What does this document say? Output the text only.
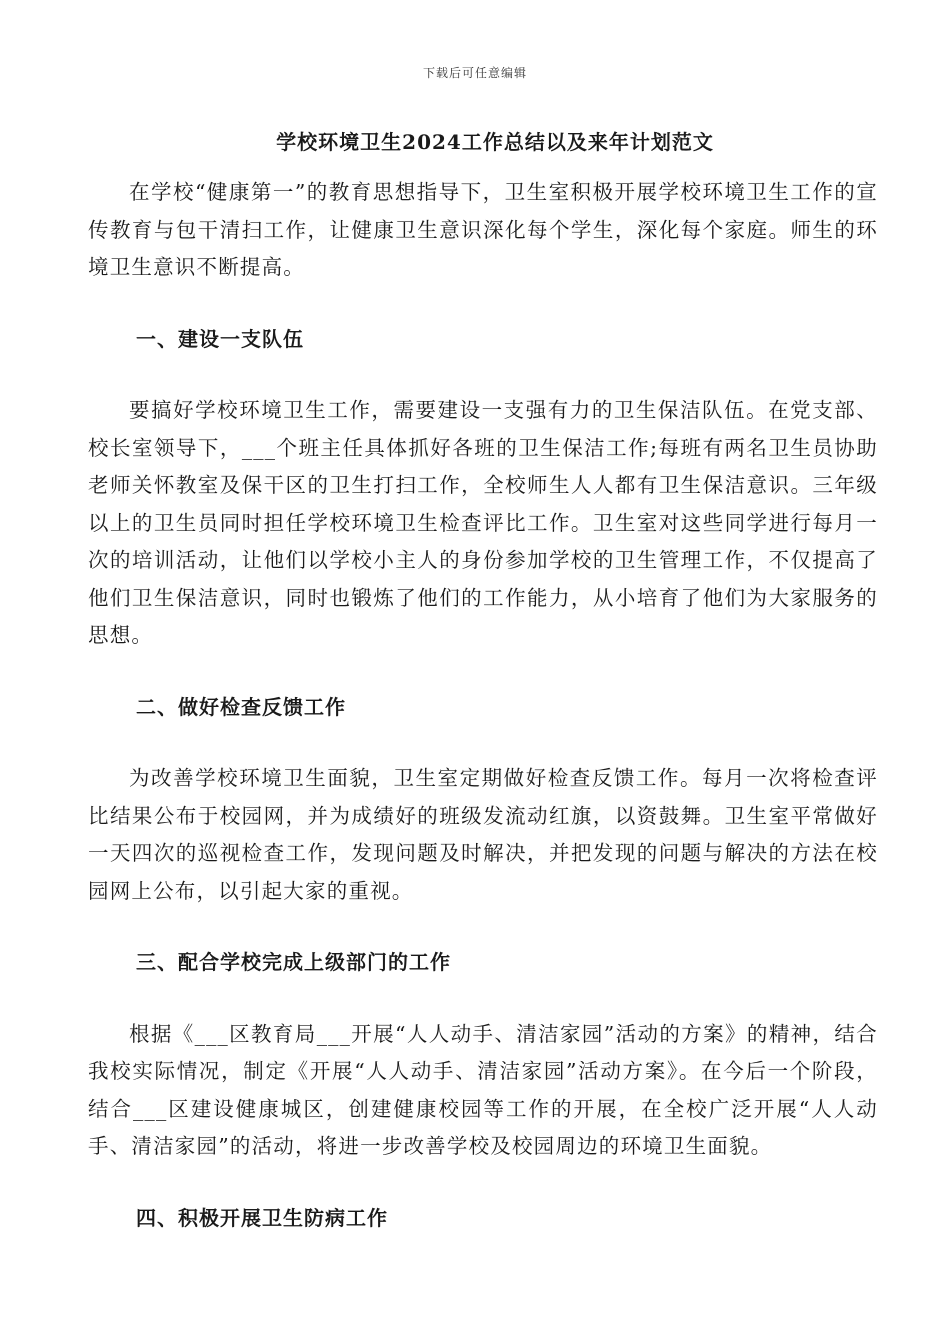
下载后可任意编辑
学校环境卫生2024工作总结以及来年计划范文

在学校“健康第一”的教育思想指导下，卫生室积极开展学校环境卫生工作的宣传教育与包干清扫工作，让健康卫生意识深化每个学生，深化每个家庭。师生的环境卫生意识不断提高。

一、建设一支队伍

要搞好学校环境卫生工作，需要建设一支强有力的卫生保洁队伍。在党支部、校长室领导下，___个班主任具体抓好各班的卫生保洁工作;每班有两名卫生员协助老师关怀教室及保干区的卫生打扫工作，全校师生人人都有卫生保洁意识。三年级以上的卫生员同时担任学校环境卫生检查评比工作。卫生室对这些同学进行每月一次的培训活动，让他们以学校小主人的身份参加学校的卫生管理工作，不仅提高了他们卫生保洁意识，同时也锻炼了他们的工作能力，从小培育了他们为大家服务的思想。

二、做好检查反馈工作

为改善学校环境卫生面貌，卫生室定期做好检查反馈工作。每月一次将检查评比结果公布于校园网，并为成绩好的班级发流动红旗，以资鼓舞。卫生室平常做好一天四次的巡视检查工作，发现问题及时解决，并把发现的问题与解决的方法在校园网上公布，以引起大家的重视。

三、配合学校完成上级部门的工作

根据《___区教育局___开展“人人动手、清洁家园”活动的方案》的精神，结合我校实际情况，制定《开展“人人动手、清洁家园”活动方案》。在今后一个阶段，结合___区建设健康城区，创建健康校园等工作的开展，在全校广泛开展“人人动手、清洁家园”的活动，将进一步改善学校及校园周边的环境卫生面貌。

四、积极开展卫生防病工作
